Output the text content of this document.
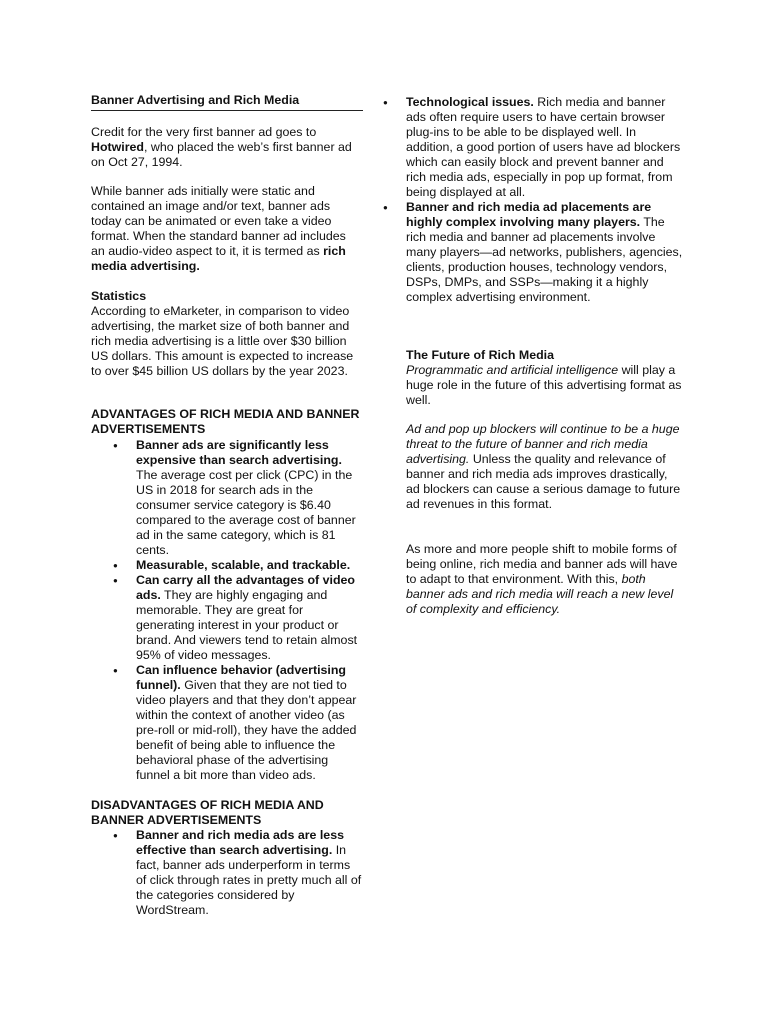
Banner Advertising and Rich Media

Credit for the very first banner ad goes to Hotwired, who placed the web’s first banner ad on Oct 27, 1994.

While banner ads initially were static and contained an image and/or text, banner ads today can be animated or even take a video format. When the standard banner ad includes an audio-video aspect to it, it is termed as rich media advertising.

Statistics

According to eMarketer, in comparison to video advertising, the market size of both banner and rich media advertising is a little over $30 billion US dollars. This amount is expected to increase to over $45 billion US dollars by the year 2023.

ADVANTAGES OF RICH MEDIA AND BANNER ADVERTISEMENTS

● Banner ads are significantly less expensive than search advertising. The average cost per click (CPC) in the US in 2018 for search ads in the consumer service category is $6.40 compared to the average cost of banner ad in the same category, which is 81 cents.
● Measurable, scalable, and trackable.
● Can carry all the advantages of video ads. They are highly engaging and memorable. They are great for generating interest in your product or brand. And viewers tend to retain almost 95% of video messages.
● Can influence behavior (advertising funnel). Given that they are not tied to video players and that they don’t appear within the context of another video (as pre-roll or mid-roll), they have the added benefit of being able to influence the behavioral phase of the advertising funnel a bit more than video ads.

DISADVANTAGES OF RICH MEDIA AND BANNER ADVERTISEMENTS

● Banner and rich media ads are less effective than search advertising. In fact, banner ads underperform in terms of click through rates in pretty much all of the categories considered by WordStream.
● Technological issues. Rich media and banner ads often require users to have certain browser plug-ins to be able to be displayed well. In addition, a good portion of users have ad blockers which can easily block and prevent banner and rich media ads, especially in pop up format, from being displayed at all.
● Banner and rich media ad placements are highly complex involving many players. The rich media and banner ad placements involve many players—ad networks, publishers, agencies, clients, production houses, technology vendors, DSPs, DMPs, and SSPs—making it a highly complex advertising environment.

The Future of Rich Media

Programmatic and artificial intelligence will play a huge role in the future of this advertising format as well.

Ad and pop up blockers will continue to be a huge threat to the future of banner and rich media advertising. Unless the quality and relevance of banner and rich media ads improves drastically, ad blockers can cause a serious damage to future ad revenues in this format.

As more and more people shift to mobile forms of being online, rich media and banner ads will have to adapt to that environment. With this, both banner ads and rich media will reach a new level of complexity and efficiency.
